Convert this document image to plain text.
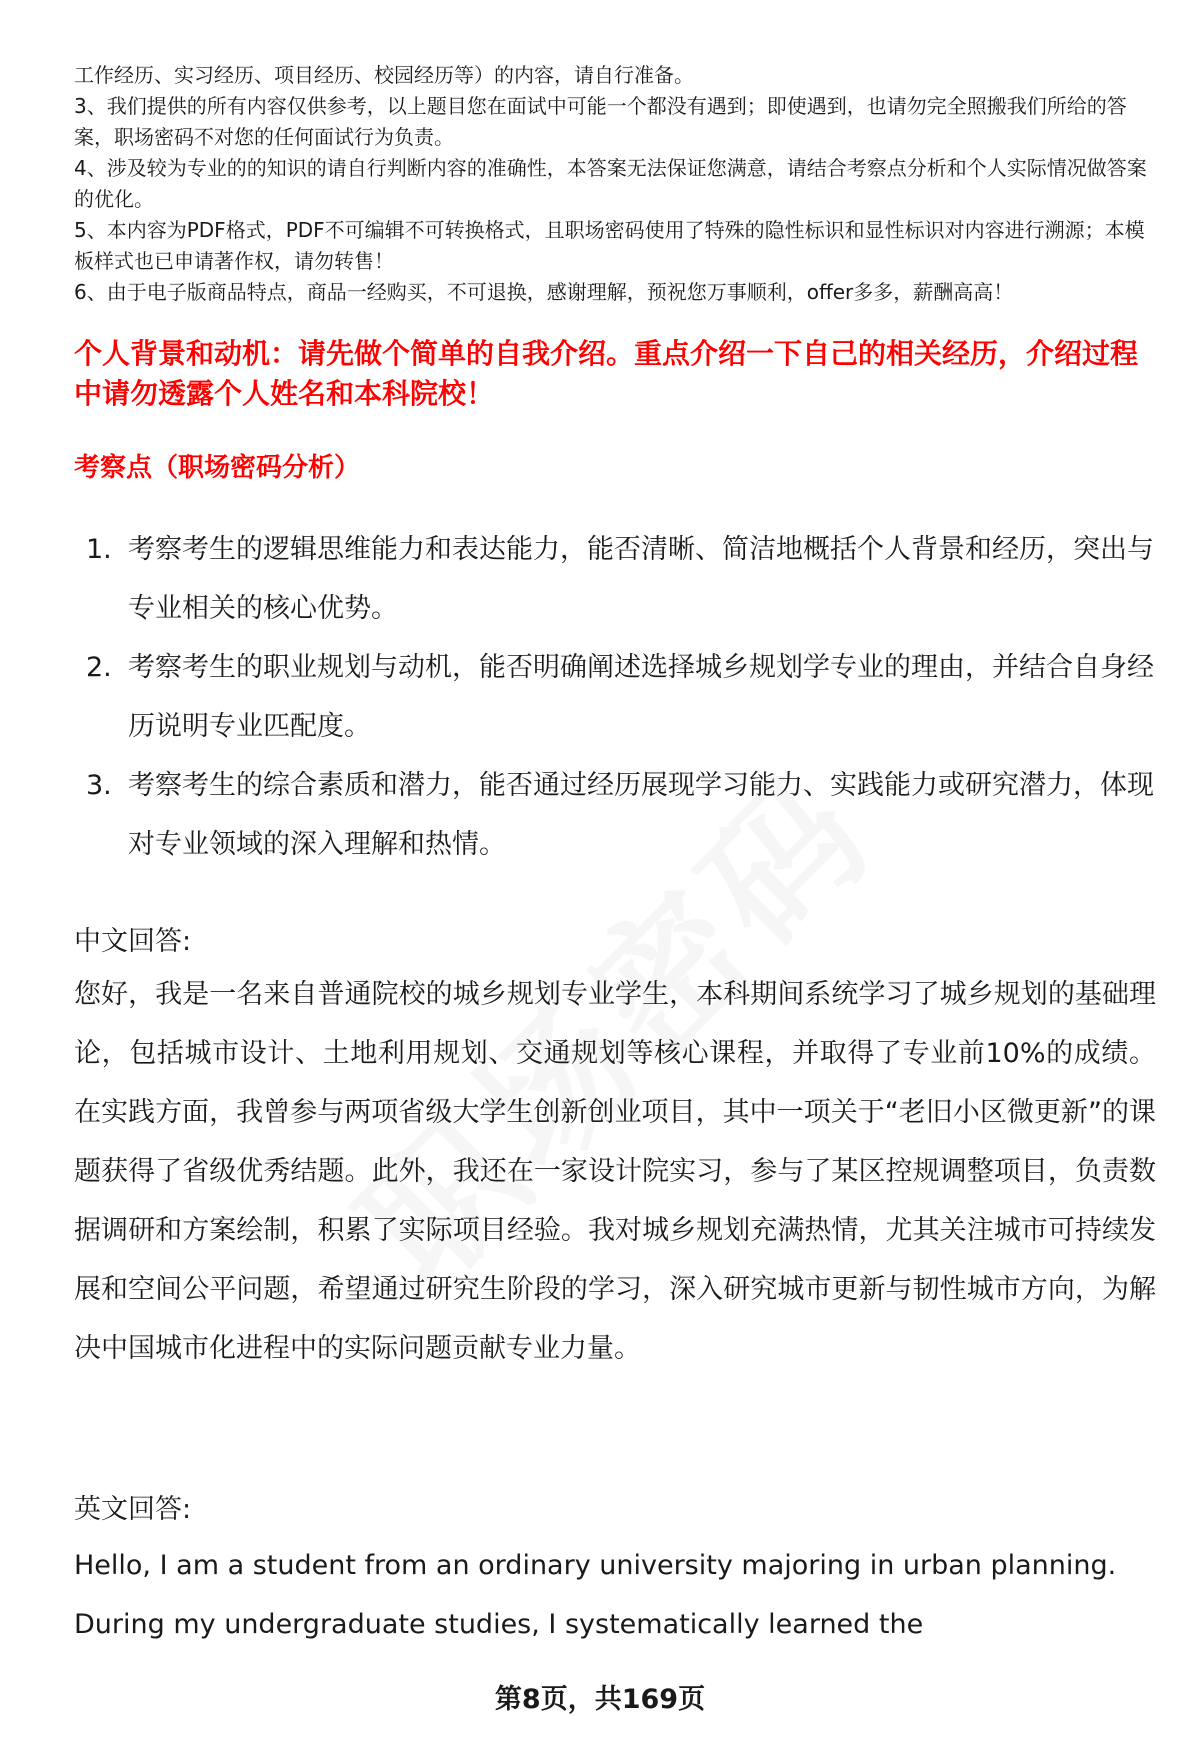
工作经历、实习经历、项目经历、校园经历等）的内容，请自行准备。

3、我们提供的所有内容仅供参考，以上题目您在面试中可能一个都没有遇到；即使遇到，也请勿完全照搬我们所给的答案，职场密码不对您的任何面试行为负责。

4、涉及较为专业的的知识的请自行判断内容的准确性，本答案无法保证您满意，请结合考察点分析和个人实际情况做答案的优化。

5、本内容为PDF格式，PDF不可编辑不可转换格式，且职场密码使用了特殊的隐性标识和显性标识对内容进行溯源；本模板样式也已申请著作权，请勿转售！

6、由于电子版商品特点，商品一经购买，不可退换，感谢理解，预祝您万事顺利，offer多多，薪酬高高！

个人背景和动机：请先做个简单的自我介绍。重点介绍一下自己的相关经历，介绍过程中请勿透露个人姓名和本科院校！

考察点（职场密码分析）

1. 考察考生的逻辑思维能力和表达能力，能否清晰、简洁地概括个人背景和经历，突出与专业相关的核心优势。
2. 考察考生的职业规划与动机，能否明确阐述选择城乡规划学专业的理由，并结合自身经历说明专业匹配度。
3. 考察考生的综合素质和潜力，能否通过经历展现学习能力、实践能力或研究潜力，体现对专业领域的深入理解和热情。

中文回答:

您好，我是一名来自普通院校的城乡规划专业学生，本科期间系统学习了城乡规划的基础理论，包括城市设计、土地利用规划、交通规划等核心课程，并取得了专业前10%的成绩。在实践方面，我曾参与两项省级大学生创新创业项目，其中一项关于“老旧小区微更新”的课题获得了省级优秀结题。此外，我还在一家设计院实习，参与了某区控规调整项目，负责数据调研和方案绘制，积累了实际项目经验。我对城乡规划充满热情，尤其关注城市可持续发展和空间公平问题，希望通过研究生阶段的学习，深入研究城市更新与韧性城市方向，为解决中国城市化进程中的实际问题贡献专业力量。

英文回答:

Hello, I am a student from an ordinary university majoring in urban planning. During my undergraduate studies, I systematically learned the

第8页，共169页
